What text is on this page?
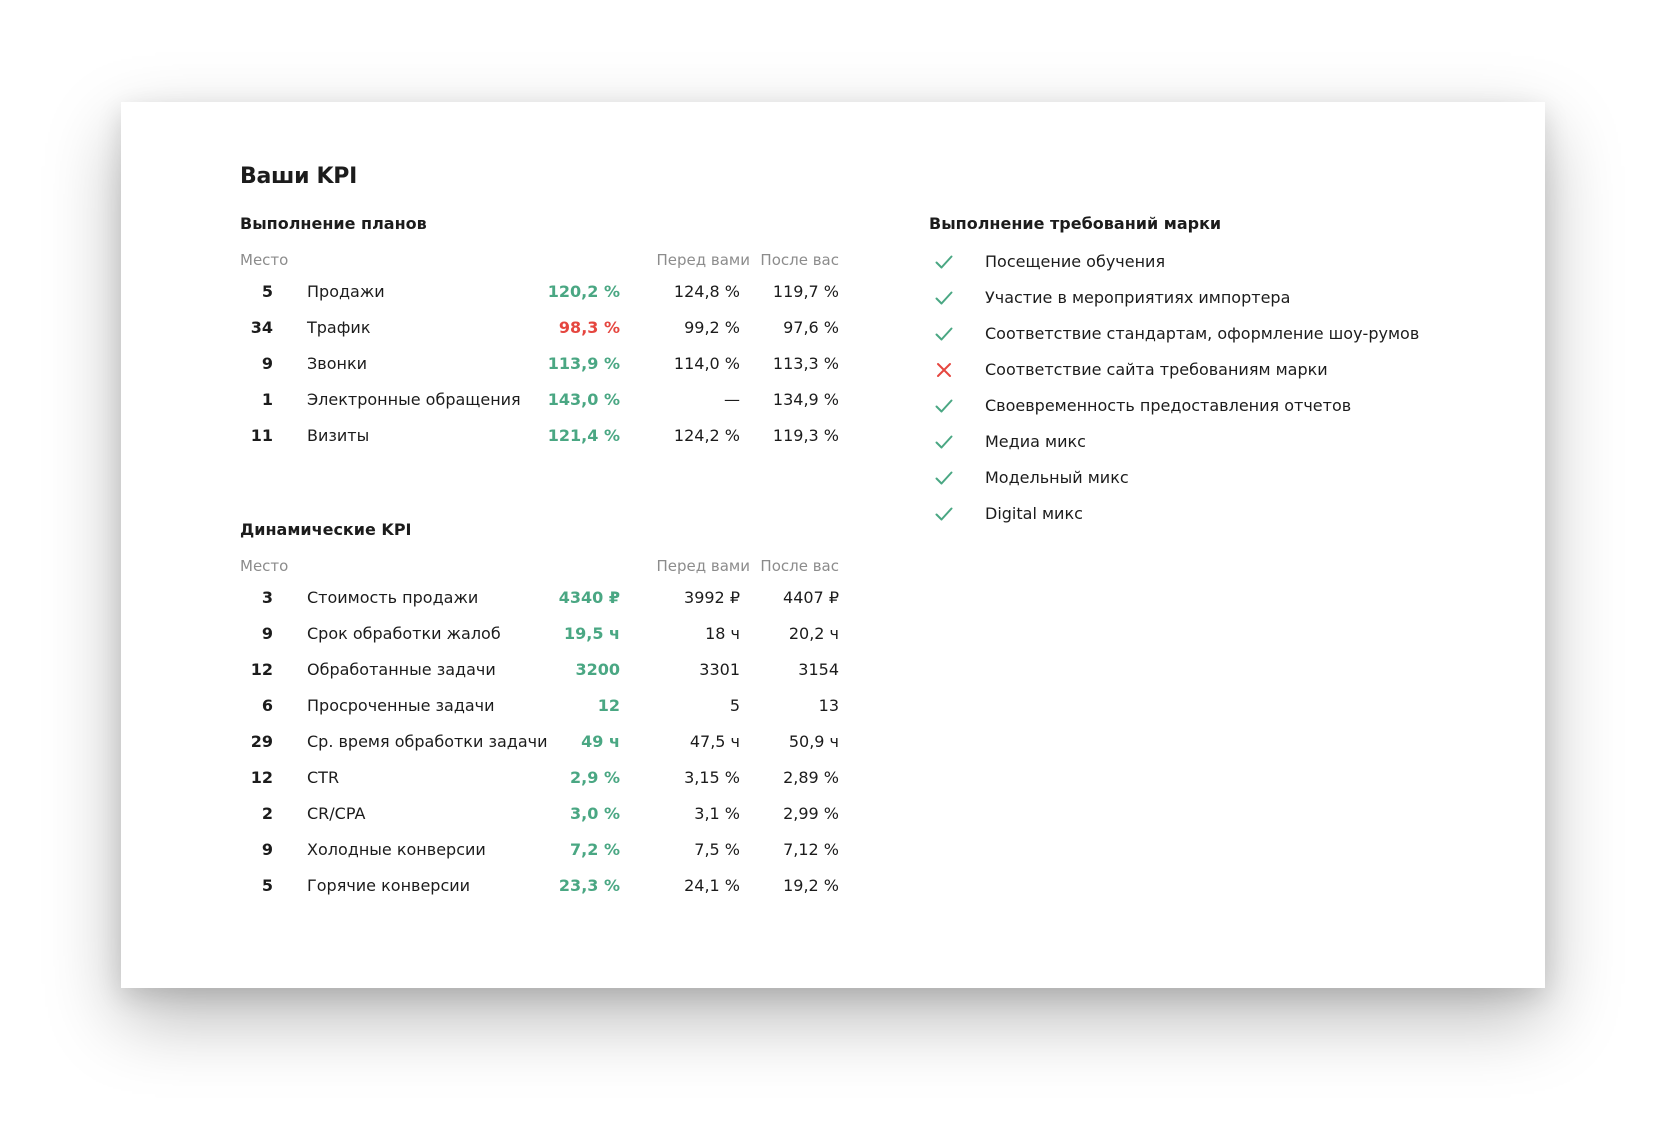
Ваши KPI
Выполнение планов
Место	Перед вами После вас
5 Продажи	120,2 %	124,8 % 119,7 %
34 Трафик	98,3 %	99,2 %	97,6 %
9 Звонки	113,9 %	114,0 % 113,3 %
1 Электронные обращения 143,0 %	— 134,9 %
11 Визиты	121,4 %	124,2 % 119,3 %
Динамические KPI
Место	Перед вами После вас
3 Стоимость продажи	4340 ₽	3992 ₽	4407 ₽
9 Срок обработки жалоб	19,5 ч	18 ч	20,2 ч
12 Обработанные задачи	3200	3301	3154
6 Просроченные задачи	12	5	13
29 Ср. время обработки задачи 49 ч	47,5 ч	50,9 ч
12 CTR	2,9 %	3,15 %	2,89 %
2 CR/CPA	3,0 %	3,1 %	2,99 %
9 Холодные конверсии	7,2 %	7,5 %	7,12 %
5 Горячие конверсии	23,3 %	24,1 %	19,2 %
Выполнение требований марки
Посещение обучения
Участие в мероприятиях импортера
Соответствие стандартам, оформление шоу-румов
Соответствие сайта требованиям марки
Своевременность предоставления отчетов
Медиа микс
Модельный микс
Digital микс
